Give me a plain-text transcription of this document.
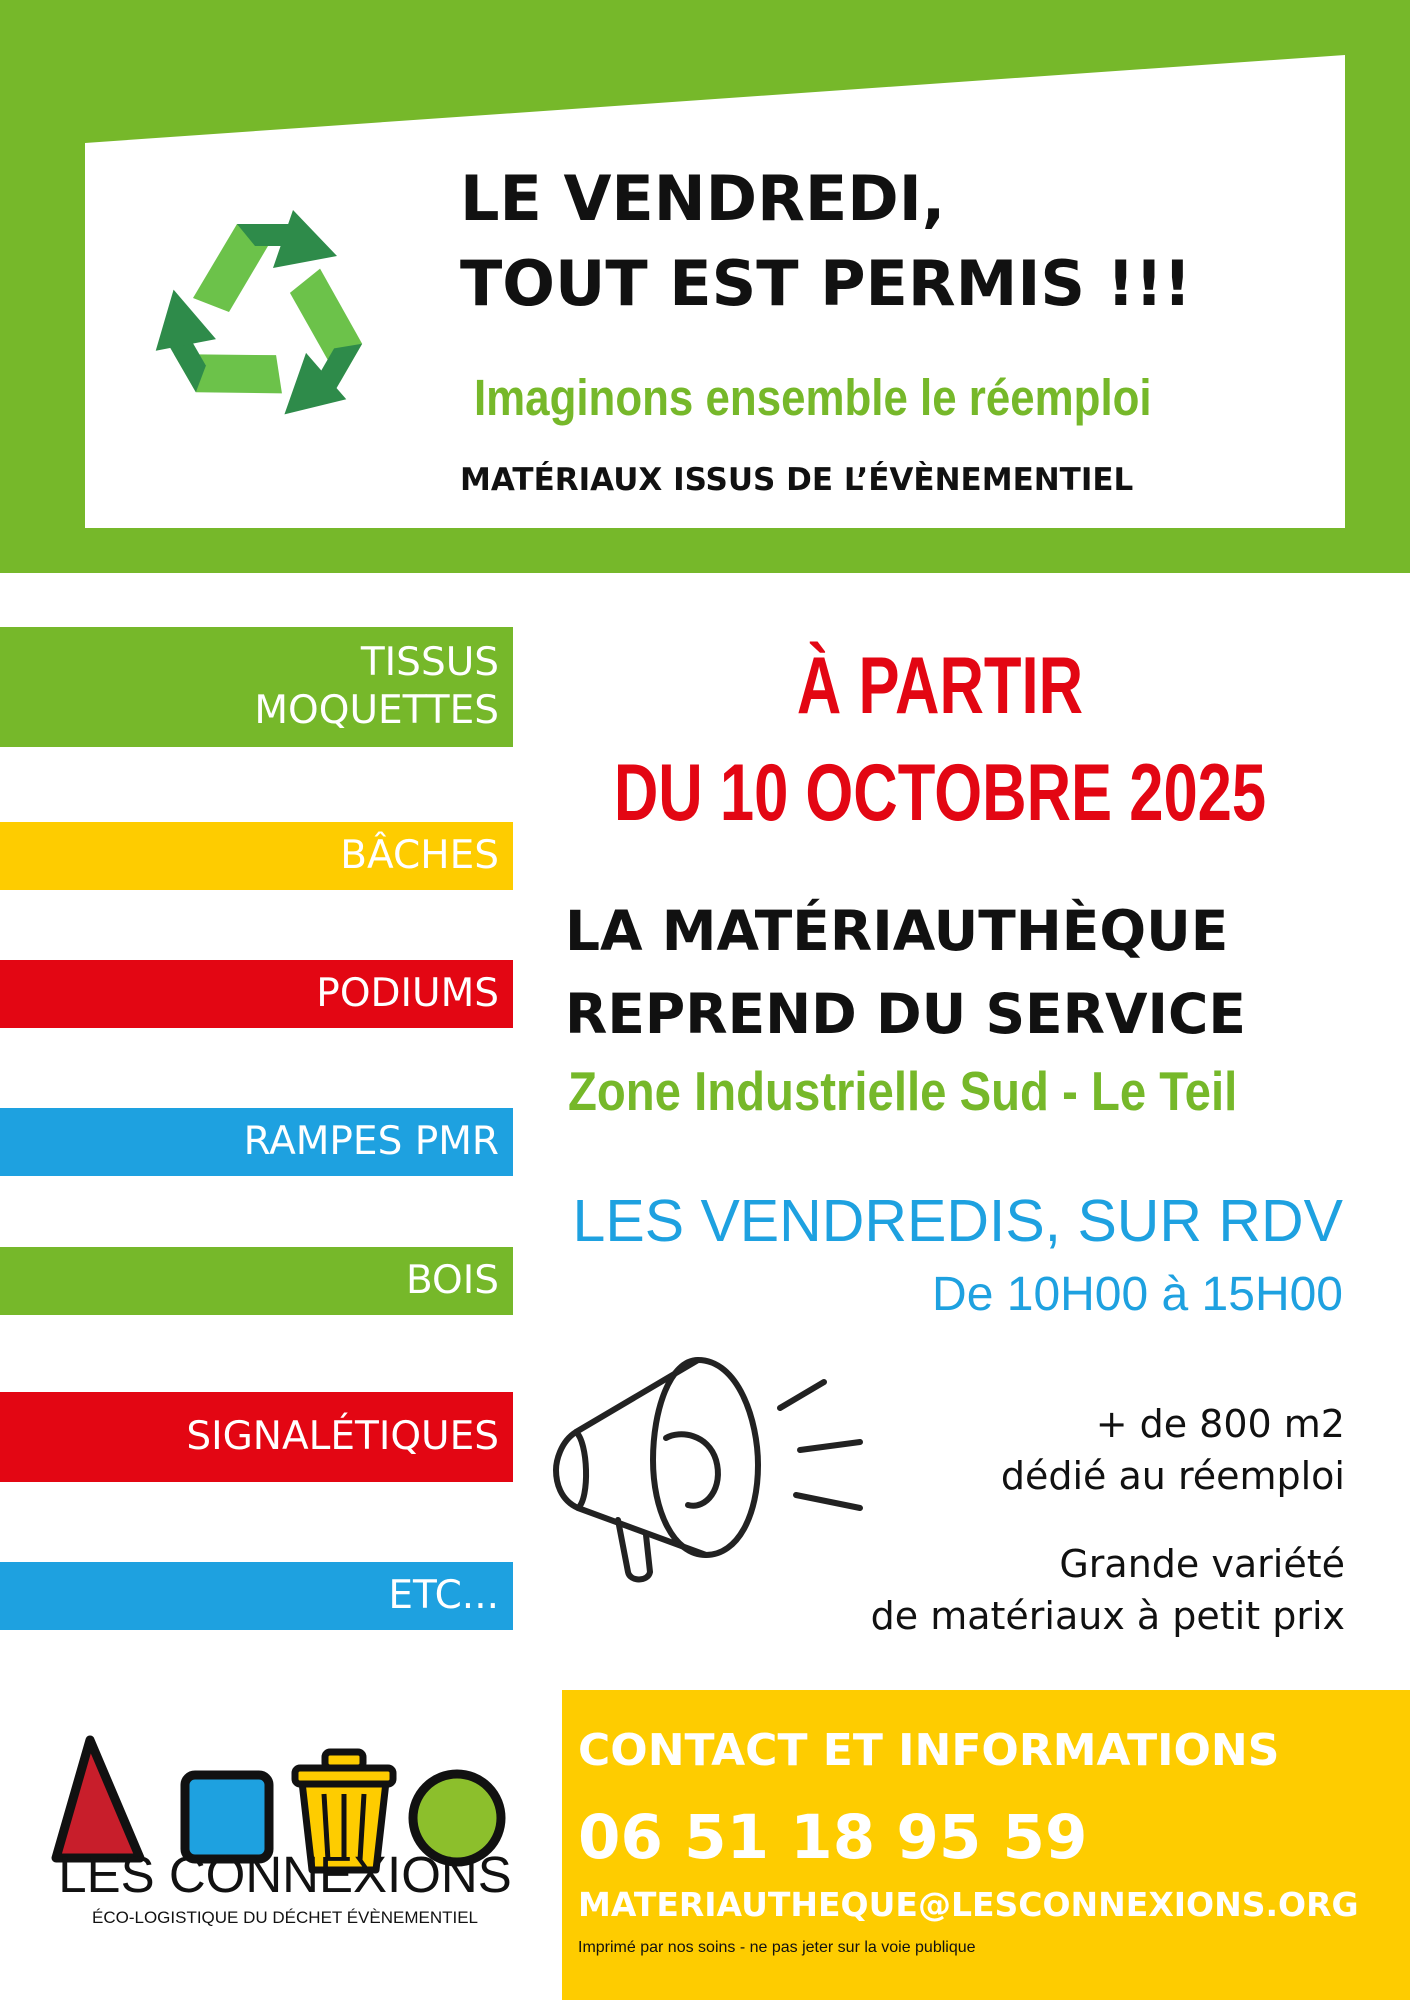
LE VENDREDI,
TOUT EST PERMIS !!!
Imaginons ensemble le réemploi
MATÉRIAUX ISSUS DE L’ÉVÈNEMENTIEL
TISSUS
MOQUETTES
BÂCHES
PODIUMS
RAMPES PMR
BOIS
SIGNALÉTIQUES
ETC...
À PARTIR
DU 10 OCTOBRE 2025
LA MATÉRIAUTHÈQUE
REPREND DU SERVICE
Zone Industrielle Sud - Le Teil
LES VENDREDIS, SUR RDV
De 10H00 à 15H00
+ de 800 m2
dédié au réemploi
Grande variété
de matériaux à petit prix
LES CONNEXIONS
ÉCO-LOGISTIQUE DU DÉCHET ÉVÈNEMENTIEL
CONTACT ET INFORMATIONS
06 51 18 95 59
MATERIAUTHEQUE@LESCONNEXIONS.ORG
Imprimé par nos soins - ne pas jeter sur la voie publique
